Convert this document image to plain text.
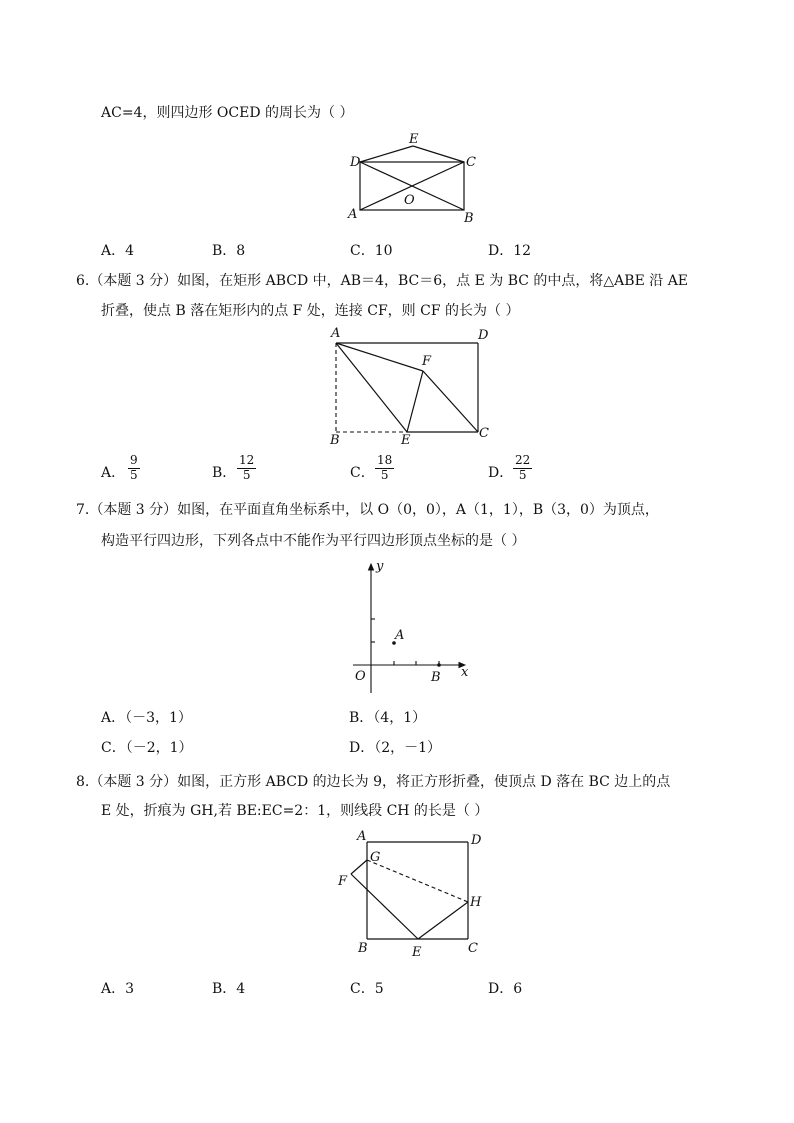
AC=4，则四边形 OCED 的周长为（ ）
E
D	C
O
A	B
A．4	B．8	C．10	D．12
6.（本题 3 分）如图，在矩形 ABCD 中，AB＝4，BC＝6，点 E 为 BC 的中点，将△ABE 沿 AE
折叠，使点 B 落在矩形内的点 F 处，连接 CF，则 CF 的长为（ ）
A	D
F
B	E	C
A． $\frac{9}{5}$	B． $\frac{12}{5}$	C． $\frac{18}{5}$	D． $\frac{22}{5}$
7.（本题 3 分）如图，在平面直角坐标系中，以 O（0，0），A（1，1），B（3，0）为顶点，
构造平行四边形，下列各点中不能作为平行四边形顶点坐标的是（ ）
y
x
O
A
B
A．（－3，1）	B．（4，1）
C．（－2，1）	D．（2，－1）
8.（本题 3 分）如图，正方形 ABCD 的边长为 9，将正方形折叠，使顶点 D 落在 BC 边上的点
E 处，折痕为 GH,若 BE:EC=2：1，则线段 CH 的长是（ ）
A	D
G
F
H
B	E	C
A．3	B．4	C．5	D．6
